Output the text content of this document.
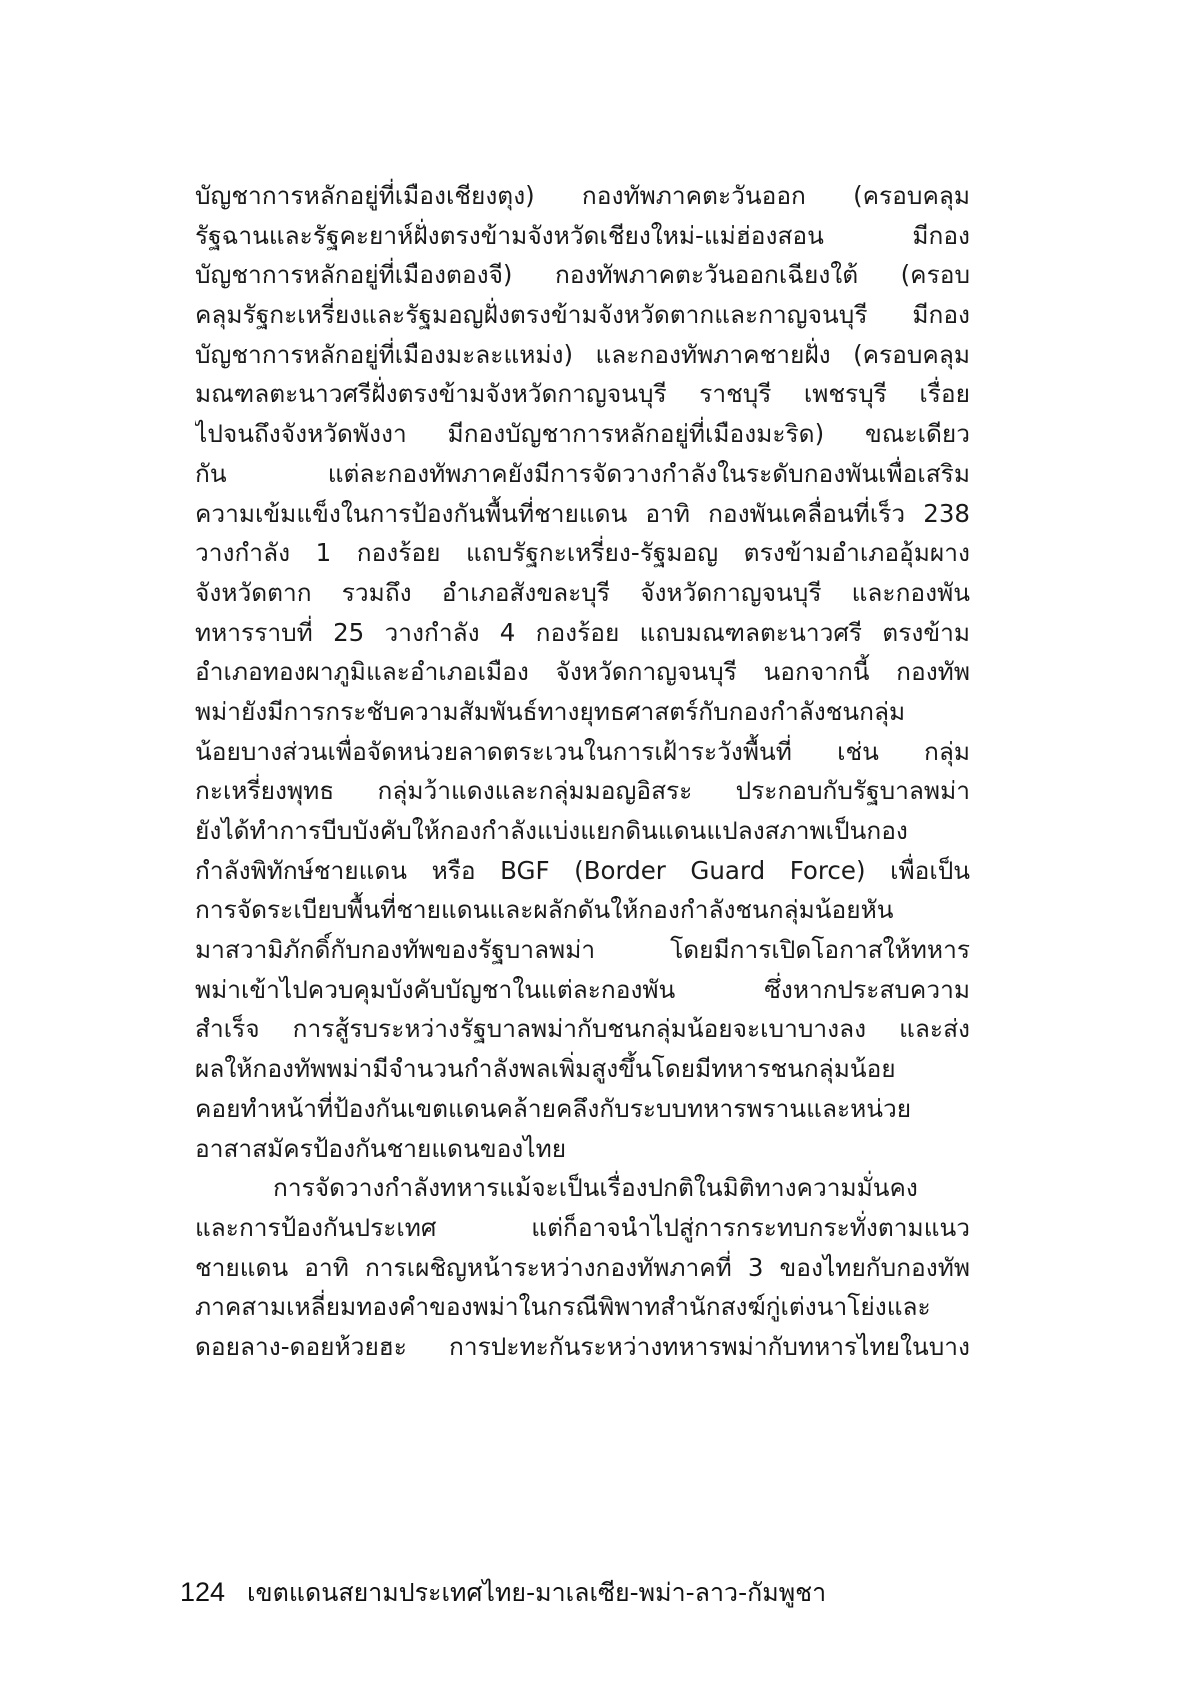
บัญชาการหลักอยู่ที่เมืองเชียงตุง) กองทัพภาคตะวันออก (ครอบคลุม
รัฐฉานและรัฐคะยาห์ฝั่งตรงข้ามจังหวัดเชียงใหม่-แม่ฮ่องสอน มีกอง
บัญชาการหลักอยู่ที่เมืองตองจี) กองทัพภาคตะวันออกเฉียงใต้ (ครอบ
คลุมรัฐกะเหรี่ยงและรัฐมอญฝั่งตรงข้ามจังหวัดตากและกาญจนบุรี มีกอง
บัญชาการหลักอยู่ที่เมืองมะละแหม่ง) และกองทัพภาคชายฝั่ง (ครอบคลุม
มณฑลตะนาวศรีฝั่งตรงข้ามจังหวัดกาญจนบุรี ราชบุรี เพชรบุรี เรื่อย
ไปจนถึงจังหวัดพังงา มีกองบัญชาการหลักอยู่ที่เมืองมะริด) ขณะเดียว
กัน แต่ละกองทัพภาคยังมีการจัดวางกำลังในระดับกองพันเพื่อเสริม
ความเข้มแข็งในการป้องกันพื้นที่ชายแดน อาทิ กองพันเคลื่อนที่เร็ว 238
วางกำลัง 1 กองร้อย แถบรัฐกะเหรี่ยง-รัฐมอญ ตรงข้ามอำเภออุ้มผาง
จังหวัดตาก รวมถึง อำเภอสังขละบุรี จังหวัดกาญจนบุรี และกองพัน
ทหารราบที่ 25 วางกำลัง 4 กองร้อย แถบมณฑลตะนาวศรี ตรงข้าม
อำเภอทองผาภูมิและอำเภอเมือง จังหวัดกาญจนบุรี นอกจากนี้ กองทัพ
พม่ายังมีการกระชับความสัมพันธ์ทางยุทธศาสตร์กับกองกำลังชนกลุ่ม
น้อยบางส่วนเพื่อจัดหน่วยลาดตระเวนในการเฝ้าระวังพื้นที่ เช่น กลุ่ม
กะเหรี่ยงพุทธ กลุ่มว้าแดงและกลุ่มมอญอิสระ ประกอบกับรัฐบาลพม่า
ยังได้ทำการบีบบังคับให้กองกำลังแบ่งแยกดินแดนแปลงสภาพเป็นกอง
กำลังพิทักษ์ชายแดน หรือ BGF (Border Guard Force) เพื่อเป็น
การจัดระเบียบพื้นที่ชายแดนและผลักดันให้กองกำลังชนกลุ่มน้อยหัน
มาสวามิภักดิ์กับกองทัพของรัฐบาลพม่า โดยมีการเปิดโอกาสให้ทหาร
พม่าเข้าไปควบคุมบังคับบัญชาในแต่ละกองพัน ซึ่งหากประสบความ
สำเร็จ การสู้รบระหว่างรัฐบาลพม่ากับชนกลุ่มน้อยจะเบาบางลง และส่ง
ผลให้กองทัพพม่ามีจำนวนกำลังพลเพิ่มสูงขึ้นโดยมีทหารชนกลุ่มน้อย
คอยทำหน้าที่ป้องกันเขตแดนคล้ายคลึงกับระบบทหารพรานและหน่วย
อาสาสมัครป้องกันชายแดนของไทย
การจัดวางกำลังทหารแม้จะเป็นเรื่องปกติในมิติทางความมั่นคง
และการป้องกันประเทศ แต่ก็อาจนำไปสู่การกระทบกระทั่งตามแนว
ชายแดน อาทิ การเผชิญหน้าระหว่างกองทัพภาคที่ 3 ของไทยกับกองทัพ
ภาคสามเหลี่ยมทองคำของพม่าในกรณีพิพาทสำนักสงฆ์กู่เต่งนาโย่งและ
ดอยลาง-ดอยห้วยฮะ การปะทะกันระหว่างทหารพม่ากับทหารไทยในบาง
124 เขตแดนสยามประเทศไทย-มาเลเซีย-พม่า-ลาว-กัมพูชา
